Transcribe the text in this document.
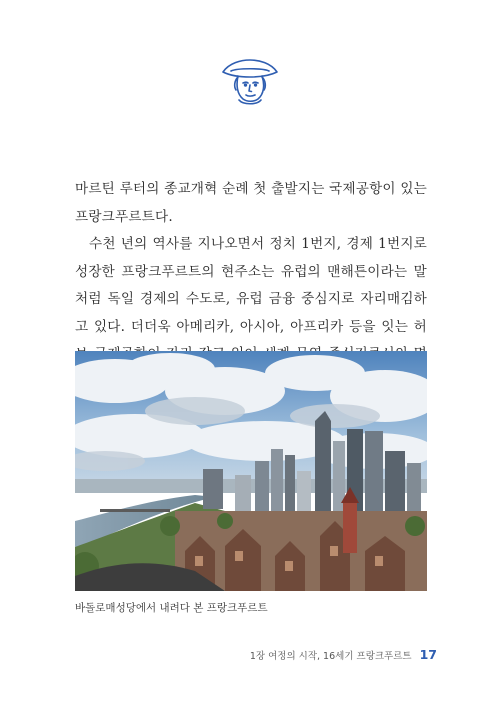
마르틴 루터의 종교개혁 순례 첫 출발지는 국제공항이 있는 프랑크푸르트다.

수천 년의 역사를 지나오면서 정치 1번지, 경제 1번지로 성장한 프랑크푸르트의 현주소는 유럽의 맨해튼이라는 말처럼 독일 경제의 수도로, 유럽 금융 중심지로 자리매김하고 있다. 더더욱 아메리카, 아시아, 아프리카 등을 잇는 허

바돌로매성당에서 내려다 본 프랑크푸르트
1장 여정의 시작, 16세기 프랑크푸르트 17
